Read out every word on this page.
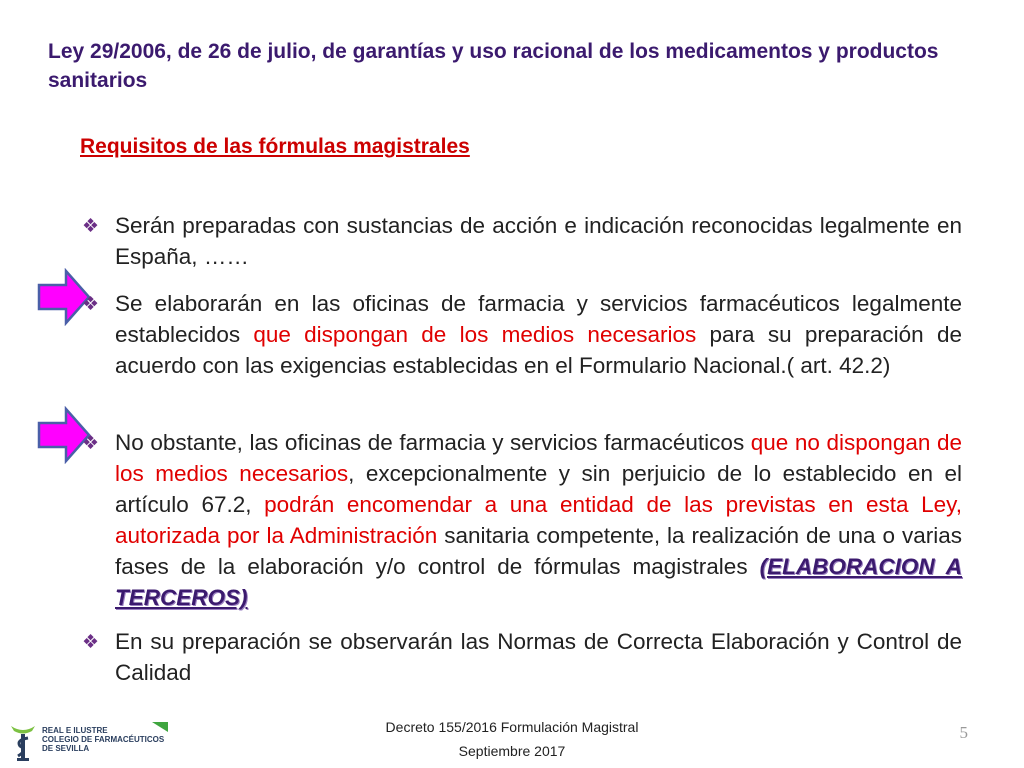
Ley 29/2006, de 26 de julio, de garantías y uso racional de los medicamentos y productos sanitarios
Requisitos de las fórmulas magistrales
❖ Serán preparadas con sustancias de acción e indicación reconocidas legalmente en España, ……
❖ Se elaborarán en las oficinas de farmacia y servicios farmacéuticos legalmente establecidos que dispongan de los medios necesarios para su preparación de acuerdo con las exigencias establecidas en el Formulario Nacional.( art. 42.2)
❖ No obstante, las oficinas de farmacia y servicios farmacéuticos que no dispongan de los medios necesarios, excepcionalmente y sin perjuicio de lo establecido en el artículo 67.2, podrán encomendar a una entidad de las previstas en esta Ley, autorizada por la Administración sanitaria competente, la realización de una o varias fases de la elaboración y/o control de fórmulas magistrales (ELABORACION A TERCEROS)
❖ En su preparación se observarán las Normas de Correcta Elaboración y Control de Calidad
REAL E ILUSTRE
COLEGIO DE FARMACÉUTICOS
DE SEVILLA
Decreto 155/2016 Formulación Magistral
Septiembre 2017
5
